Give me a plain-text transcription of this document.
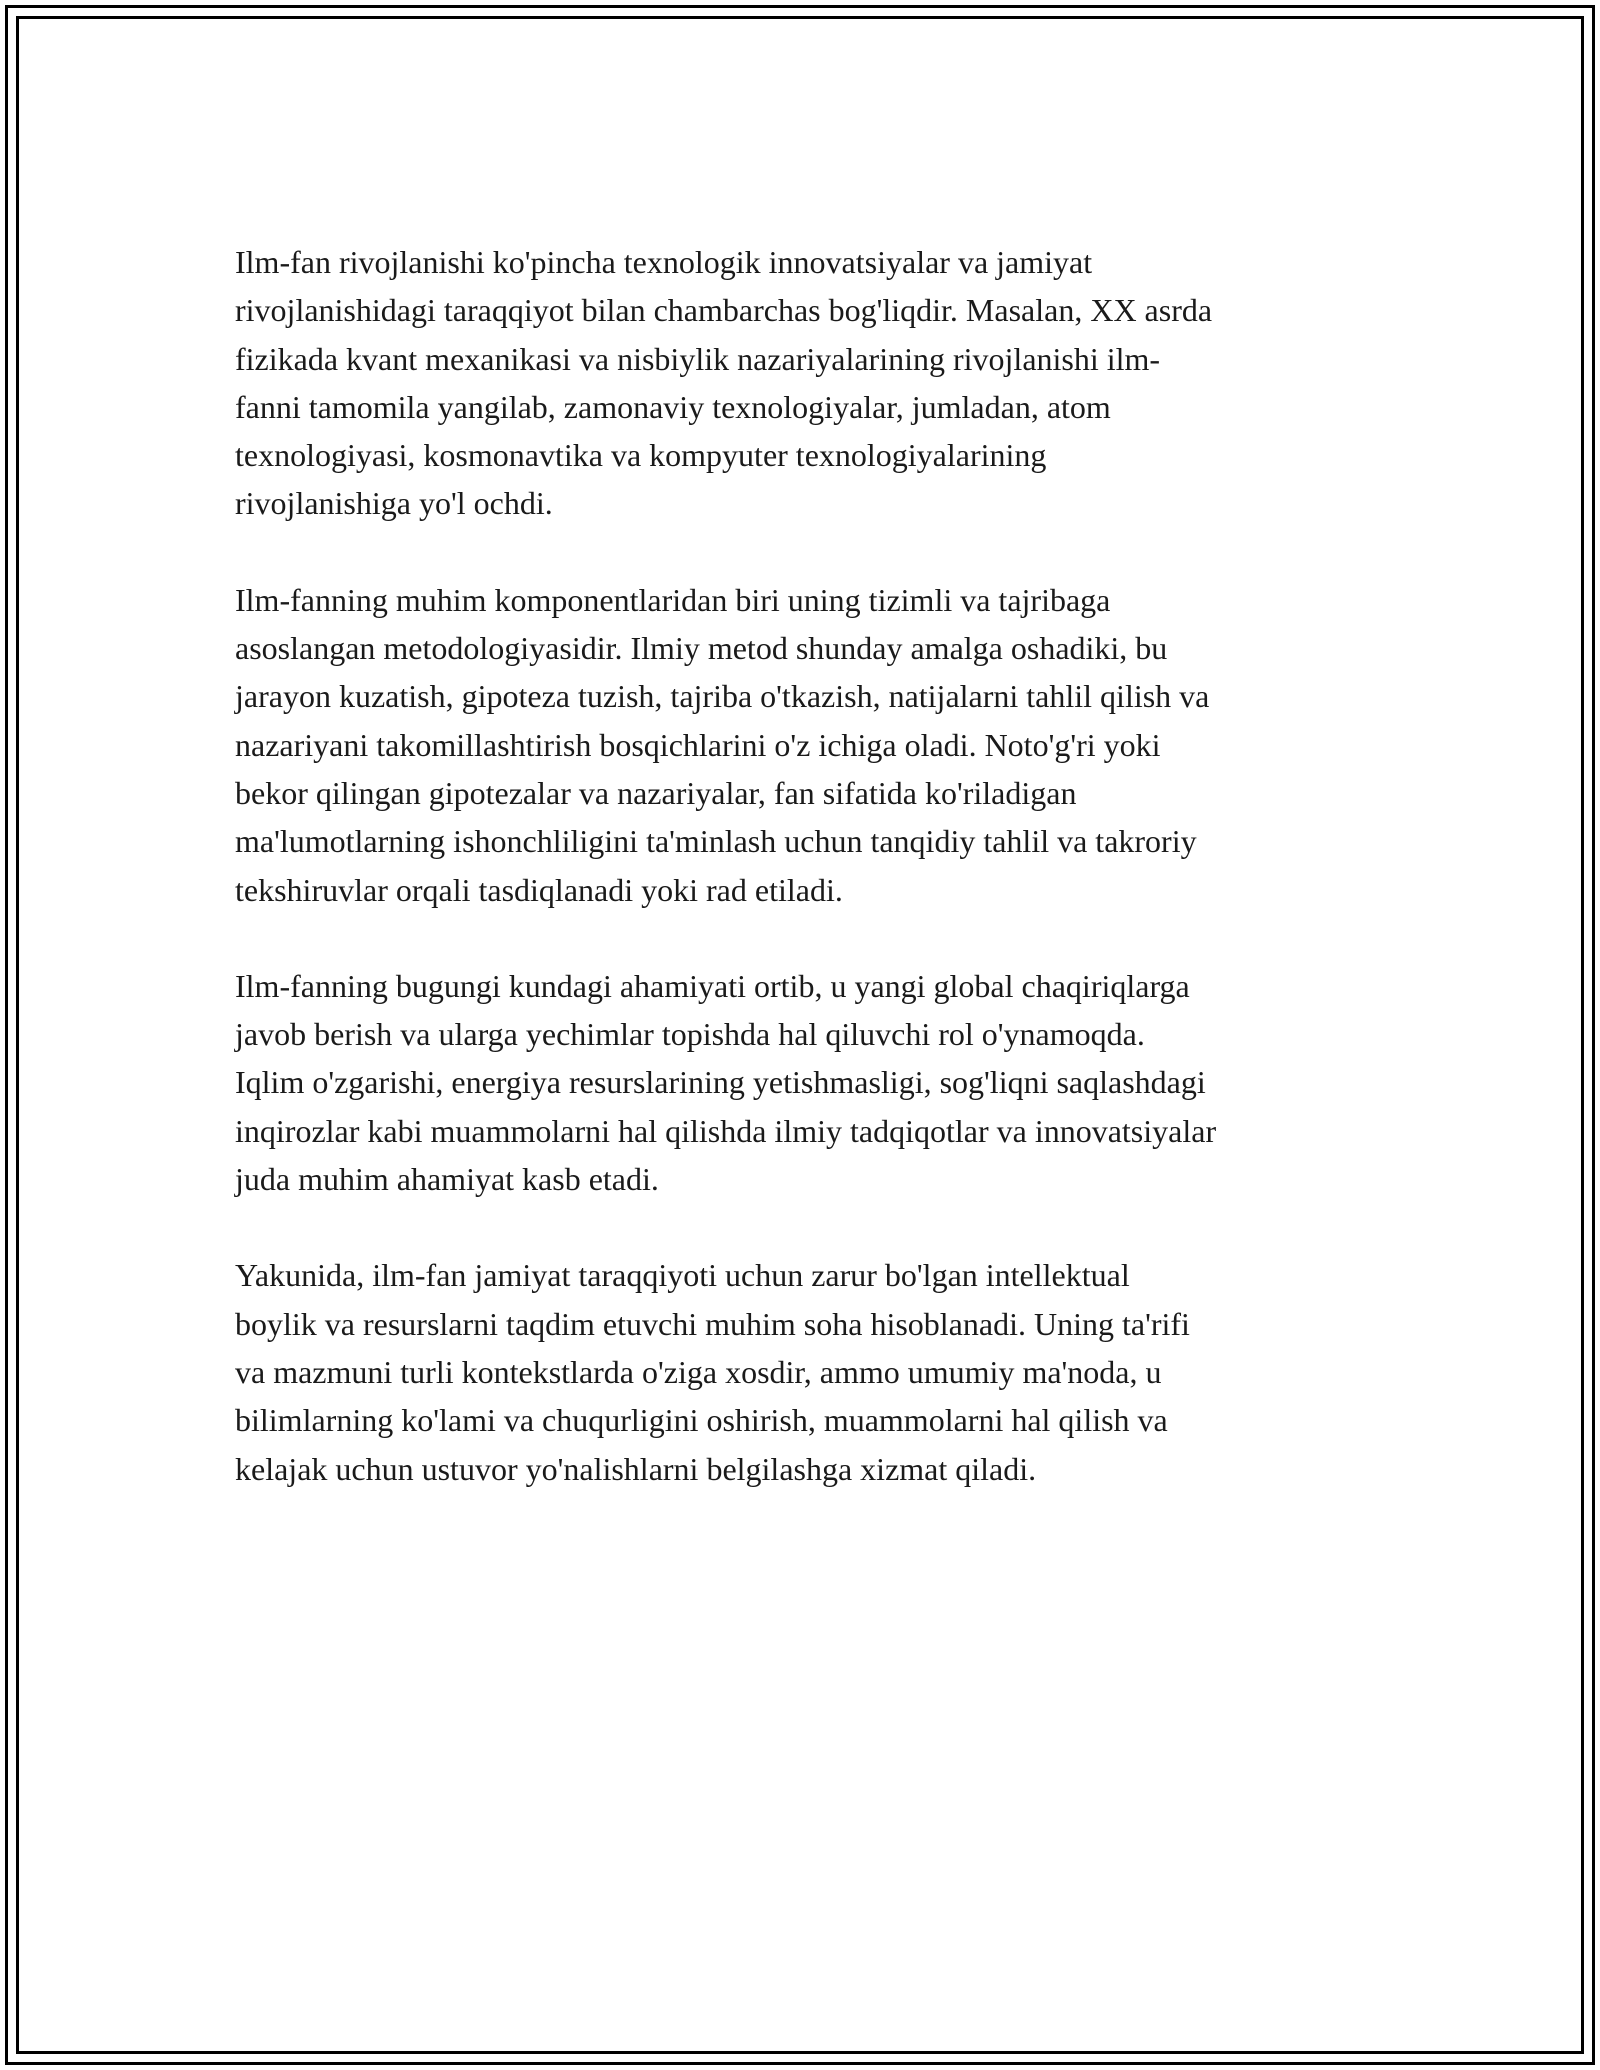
Ilm-fan rivojlanishi ko'pincha texnologik innovatsiyalar va jamiyat
rivojlanishidagi taraqqiyot bilan chambarchas bog'liqdir. Masalan, XX asrda
fizikada kvant mexanikasi va nisbiylik nazariyalarining rivojlanishi ilm-
fanni tamomila yangilab, zamonaviy texnologiyalar, jumladan, atom
texnologiyasi, kosmonavtika va kompyuter texnologiyalarining
rivojlanishiga yo'l ochdi.

Ilm-fanning muhim komponentlaridan biri uning tizimli va tajribaga
asoslangan metodologiyasidir. Ilmiy metod shunday amalga oshadiki, bu
jarayon kuzatish, gipoteza tuzish, tajriba o'tkazish, natijalarni tahlil qilish va
nazariyani takomillashtirish bosqichlarini o'z ichiga oladi. Noto'g'ri yoki
bekor qilingan gipotezalar va nazariyalar, fan sifatida ko'riladigan
ma'lumotlarning ishonchliligini ta'minlash uchun tanqidiy tahlil va takroriy
tekshiruvlar orqali tasdiqlanadi yoki rad etiladi.

Ilm-fanning bugungi kundagi ahamiyati ortib, u yangi global chaqiriqlarga
javob berish va ularga yechimlar topishda hal qiluvchi rol o'ynamoqda.
Iqlim o'zgarishi, energiya resurslarining yetishmasligi, sog'liqni saqlashdagi
inqirozlar kabi muammolarni hal qilishda ilmiy tadqiqotlar va innovatsiyalar
juda muhim ahamiyat kasb etadi.

Yakunida, ilm-fan jamiyat taraqqiyoti uchun zarur bo'lgan intellektual
boylik va resurslarni taqdim etuvchi muhim soha hisoblanadi. Uning ta'rifi
va mazmuni turli kontekstlarda o'ziga xosdir, ammo umumiy ma'noda, u
bilimlarning ko'lami va chuqurligini oshirish, muammolarni hal qilish va
kelajak uchun ustuvor yo'nalishlarni belgilashga xizmat qiladi.
